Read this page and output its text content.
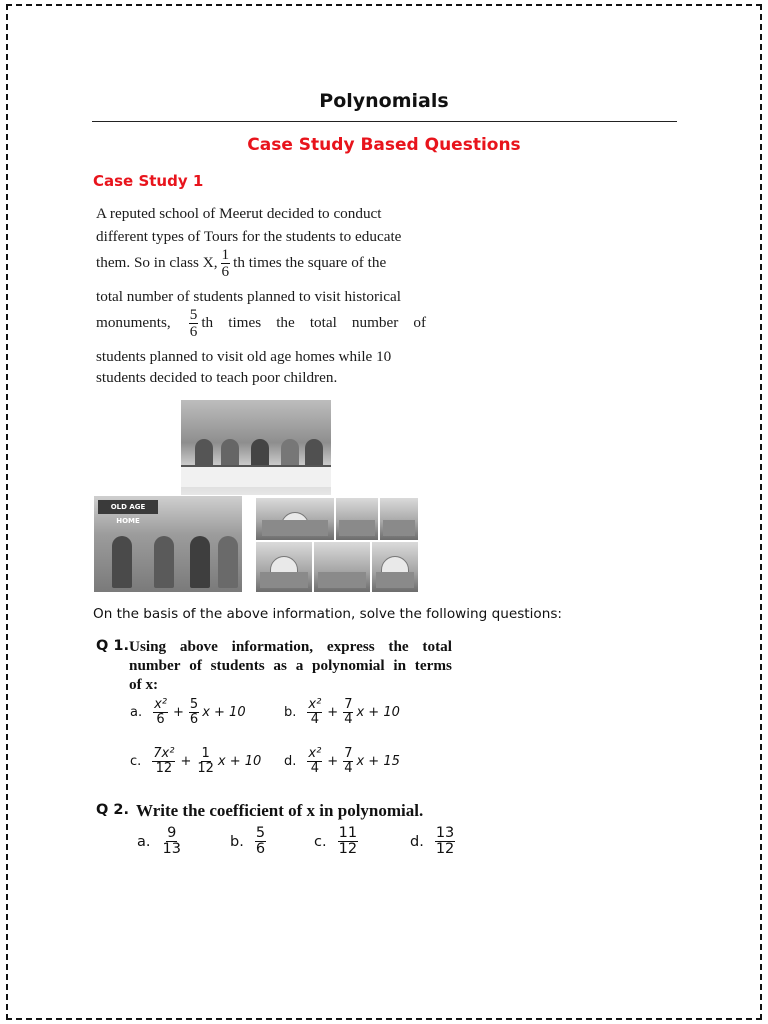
Polynomials
Case Study Based Questions
Case Study 1
A reputed school of Meerut decided to conduct
different types of Tours for the students to educate
them. So in class X, $\frac{1}{6}$ th times the square of the
total number of students planned to visit historical
monuments, $\frac{5}{6}$ th times the total number of
students planned to visit old age homes while 10
students decided to teach poor children.
OLD AGE HOME
On the basis of the above information, solve the following questions:
Q 1. Using above information, express the total
number of students as a polynomial in terms
of x:
a. $\frac{\text{x²}}{6} + \frac{5}{6}$ x + 10	b. $\frac{\text{x²}}{4} + \frac{7}{4}$ x + 10
c. $\frac{\text{7x²}}{12} + \frac{1}{12}$ x + 10 d. $\frac{\text{x²}}{4} + \frac{7}{4}$ x + 15
Q 2. Write the coefficient of x in polynomial.
a. $\frac{9}{13}$	b. $\frac{5}{6}$	c. $\frac{11}{12}$	d. $\frac{13}{12}$
